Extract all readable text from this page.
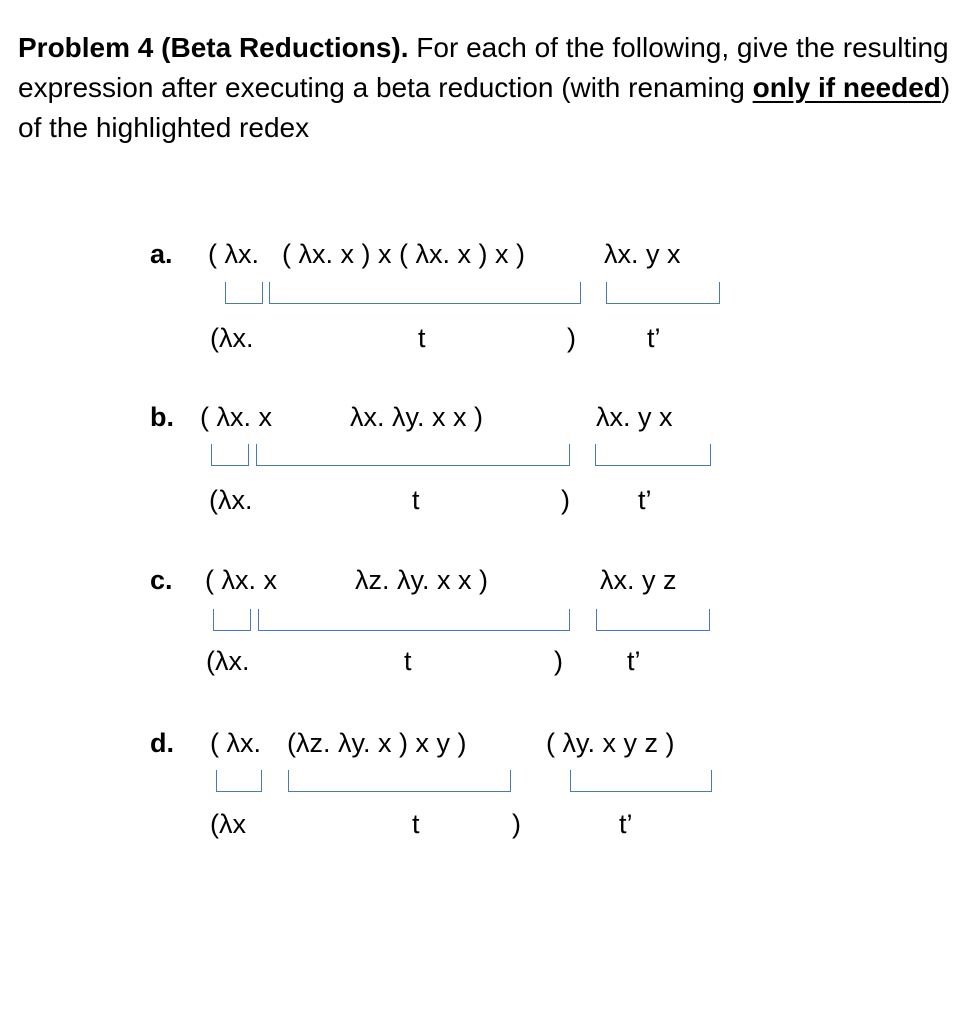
Problem 4 (Beta Reductions). For each of the following, give the resulting expression after executing a beta reduction (with renaming only if needed) of the highlighted redex
a. ( λx. ( λx. x ) x ( λx. x ) x )	λx. y x
(λx.	t	)	t’
b. ( λx. x	λx. λy. x x )	λx. y x
(λx.	t	)	t’
c. ( λx. x	λz. λy. x x )	λx. y z
(λx.	t	) t’
d. ( λx. (λz. λy. x ) x y )	( λy. x y z )
(λx	t	)	t’
